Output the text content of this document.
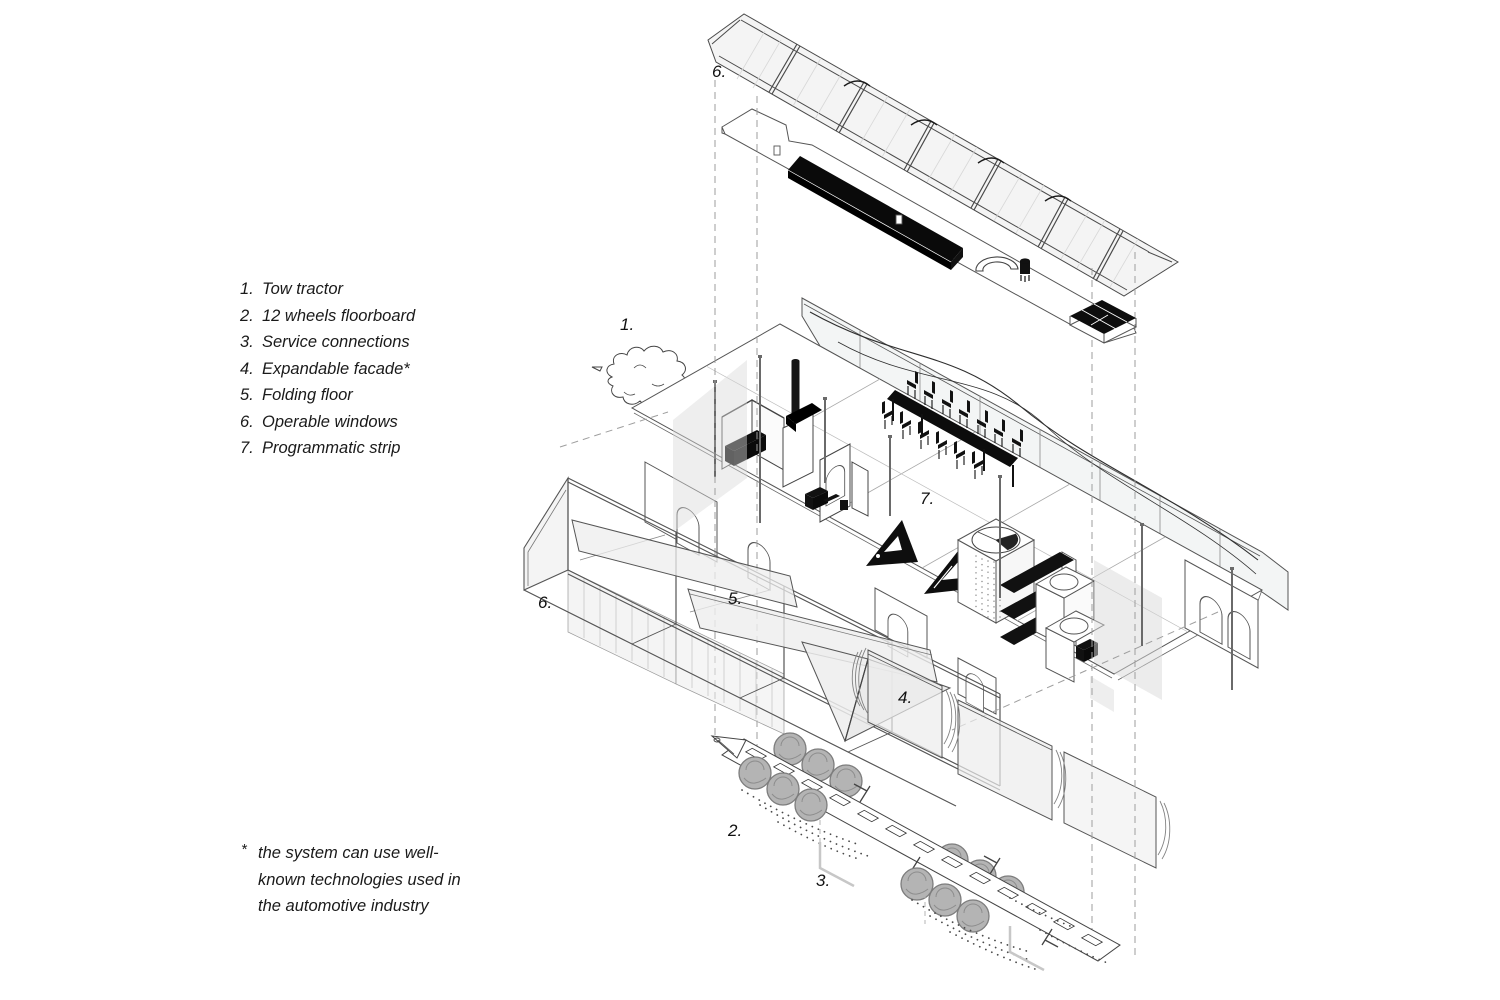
6.
1.
7.
6.	5.
4.
2.
3.
1. Tow tractor
2. 12 wheels floorboard
3. Service connections
4. Expandable facade*
5. Folding floor
6. Operable windows
7. Programmatic strip
* the system can use well-
known technologies used in
the automotive industry
